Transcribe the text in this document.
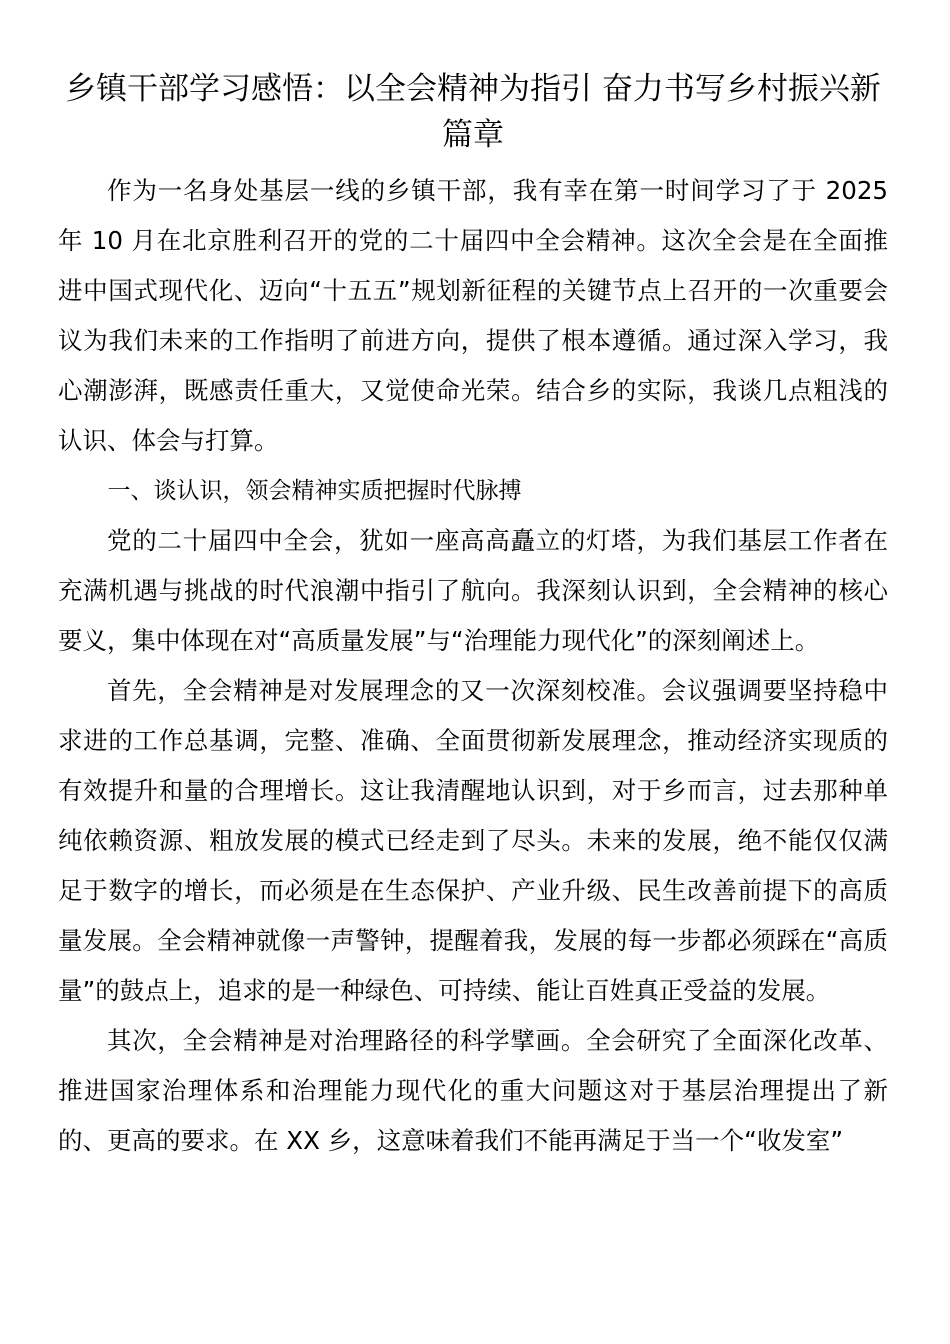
乡镇干部学习感悟：以全会精神为指引 奋力书写乡村振兴新篇章

作为一名身处基层一线的乡镇干部，我有幸在第一时间学习了于 2025 年 10 月在北京胜利召开的党的二十届四中全会精神。这次全会是在全面推进中国式现代化、迈向“十五五”规划新征程的关键节点上召开的一次重要会议为我们未来的工作指明了前进方向，提供了根本遵循。通过深入学习，我心潮澎湃，既感责任重大，又觉使命光荣。结合乡的实际，我谈几点粗浅的认识、体会与打算。

一、谈认识，领会精神实质把握时代脉搏

党的二十届四中全会，犹如一座高高矗立的灯塔，为我们基层工作者在充满机遇与挑战的时代浪潮中指引了航向。我深刻认识到，全会精神的核心要义，集中体现在对“高质量发展”与“治理能力现代化”的深刻阐述上。

首先，全会精神是对发展理念的又一次深刻校准。会议强调要坚持稳中求进的工作总基调，完整、准确、全面贯彻新发展理念，推动经济实现质的有效提升和量的合理增长。这让我清醒地认识到，对于乡而言，过去那种单纯依赖资源、粗放发展的模式已经走到了尽头。未来的发展，绝不能仅仅满足于数字的增长，而必须是在生态保护、产业升级、民生改善前提下的高质量发展。全会精神就像一声警钟，提醒着我，发展的每一步都必须踩在“高质量”的鼓点上，追求的是一种绿色、可持续、能让百姓真正受益的发展。

其次，全会精神是对治理路径的科学擘画。全会研究了全面深化改革、推进国家治理体系和治理能力现代化的重大问题这对于基层治理提出了新的、更高的要求。在 XX 乡，这意味着我们不能再满足于当一个“收发室”
